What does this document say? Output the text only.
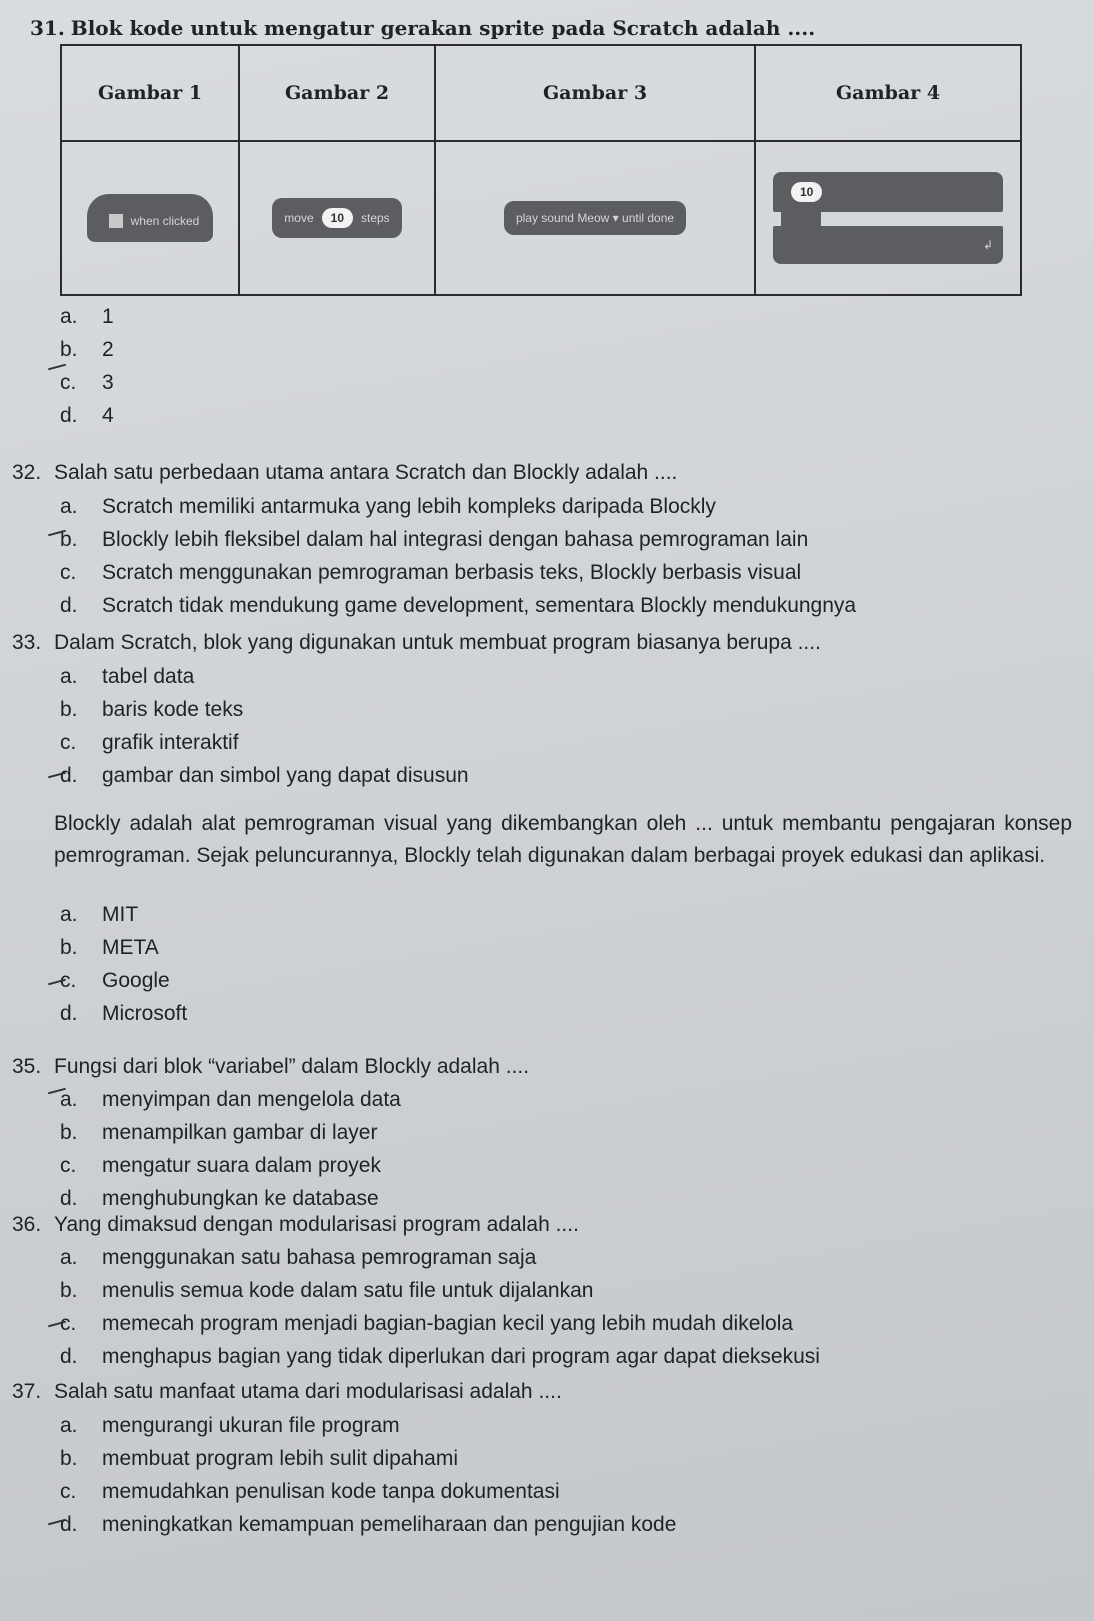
31. Blok kode untuk mengatur gerakan sprite pada Scratch adalah ....
Gambar 1	Gambar 2	Gambar 3	Gambar 4
when clicked	move 10 steps	play sound Meow ▾ until done	10
↲
a. 1
b. 2
c. 3
d. 4

32. Salah satu perbedaan utama antara Scratch dan Blockly adalah ....

a. Scratch memiliki antarmuka yang lebih kompleks daripada Blockly
b. Blockly lebih fleksibel dalam hal integrasi dengan bahasa pemrograman lain
c. Scratch menggunakan pemrograman berbasis teks, Blockly berbasis visual
d. Scratch tidak mendukung game development, sementara Blockly mendukungnya

33. Dalam Scratch, blok yang digunakan untuk membuat program biasanya berupa ....

a. tabel data
b. baris kode teks
c. grafik interaktif
d. gambar dan simbol yang dapat disusun

Blockly adalah alat pemrograman visual yang dikembangkan oleh ... untuk membantu pengajaran konsep pemrograman. Sejak peluncurannya, Blockly telah digunakan dalam berbagai proyek edukasi dan aplikasi.

a. MIT
b. META
c. Google
d. Microsoft

35. Fungsi dari blok “variabel” dalam Blockly adalah ....

a. menyimpan dan mengelola data
b. menampilkan gambar di layer
c. mengatur suara dalam proyek
d. menghubungkan ke database

36. Yang dimaksud dengan modularisasi program adalah ....

a. menggunakan satu bahasa pemrograman saja
b. menulis semua kode dalam satu file untuk dijalankan
c. memecah program menjadi bagian-bagian kecil yang lebih mudah dikelola
d. menghapus bagian yang tidak diperlukan dari program agar dapat dieksekusi

37. Salah satu manfaat utama dari modularisasi adalah ....

a. mengurangi ukuran file program
b. membuat program lebih sulit dipahami
c. memudahkan penulisan kode tanpa dokumentasi
d. meningkatkan kemampuan pemeliharaan dan pengujian kode
